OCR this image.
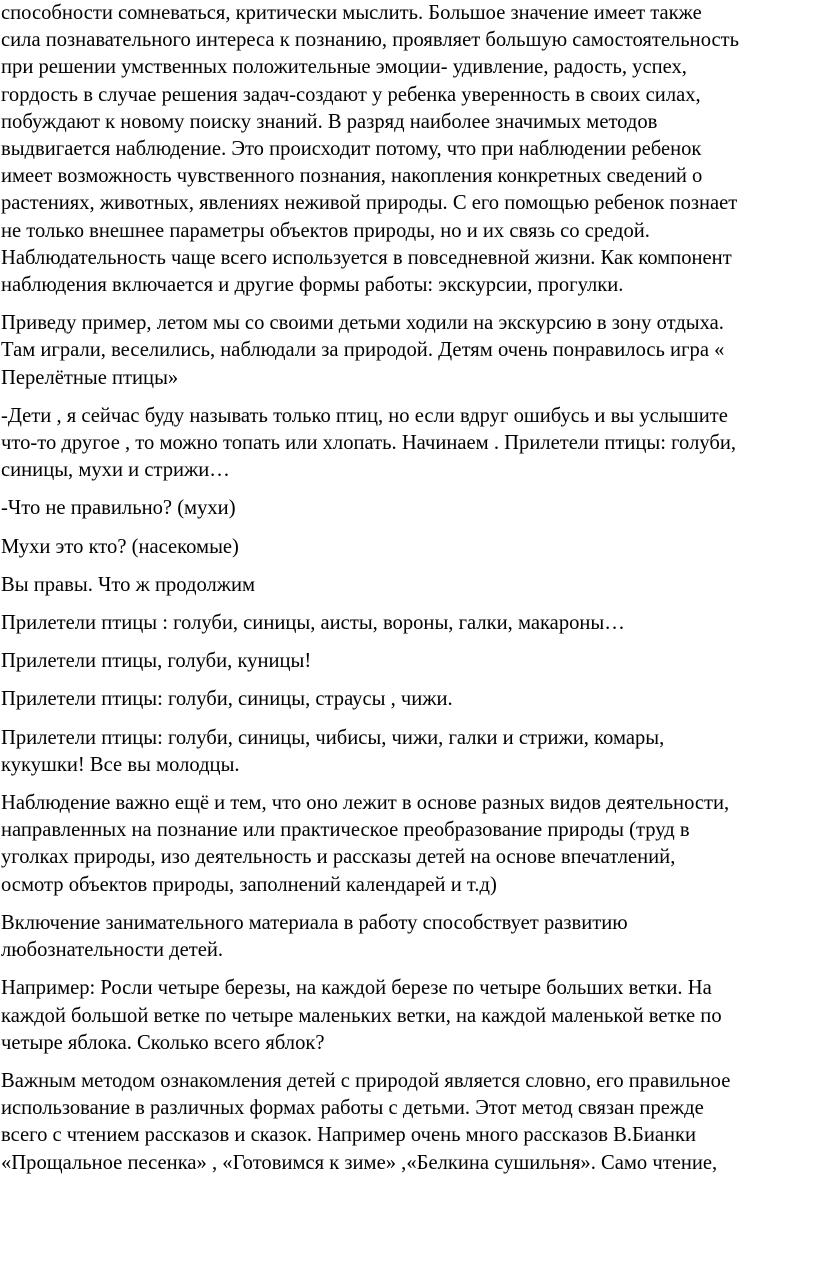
способности сомневаться, критически мыслить. Большое значение имеет также
сила познавательного интереса к познанию, проявляет большую самостоятельность
при решении умственных положительные эмоции- удивление, радость, успех,
гордость в случае решения задач-создают у ребенка уверенность в своих силах,
побуждают к новому поиску знаний. В разряд наиболее значимых методов
выдвигается наблюдение. Это происходит потому, что при наблюдении ребенок
имеет возможность чувственного познания, накопления конкретных сведений о
растениях, животных, явлениях неживой природы. С его помощью ребенок познает
не только внешнее параметры объектов природы, но и их связь со средой.
Наблюдательность чаще всего используется в повседневной жизни. Как компонент
наблюдения включается и другие формы работы: экскурсии, прогулки.

Приведу пример, летом мы со своими детьми ходили на экскурсию в зону отдыха.
Там играли, веселились, наблюдали за природой. Детям очень понравилось игра «
Перелётные птицы»

-Дети , я сейчас буду называть только птиц, но если вдруг ошибусь и вы услышите
что-то другое , то можно топать или хлопать. Начинаем . Прилетели птицы: голуби,
синицы, мухи и стрижи…

-Что не правильно? (мухи)

Мухи это кто? (насекомые)

Вы правы. Что ж продолжим

Прилетели птицы : голуби, синицы, аисты, вороны, галки, макароны…

Прилетели птицы, голуби, куницы!

Прилетели птицы: голуби, синицы, страусы , чижи.

Прилетели птицы: голуби, синицы, чибисы, чижи, галки и стрижи, комары,
кукушки! Все вы молодцы.

Наблюдение важно ещё и тем, что оно лежит в основе разных видов деятельности,
направленных на познание или практическое преобразование природы (труд в
уголках природы, изо деятельность и рассказы детей на основе впечатлений,
осмотр объектов природы, заполнений календарей и т.д)

Включение занимательного материала в работу способствует развитию
любознательности детей.

Например: Росли четыре березы, на каждой березе по четыре больших ветки. На
каждой большой ветке по четыре маленьких ветки, на каждой маленькой ветке по
четыре яблока. Сколько всего яблок?

Важным методом ознакомления детей с природой является словно, его правильное
использование в различных формах работы с детьми. Этот метод связан прежде
всего с чтением рассказов и сказок. Например очень много рассказов В.Бианки
«Прощальное песенка» , «Готовимся к зиме» ,«Белкина сушильня». Само чтение,
